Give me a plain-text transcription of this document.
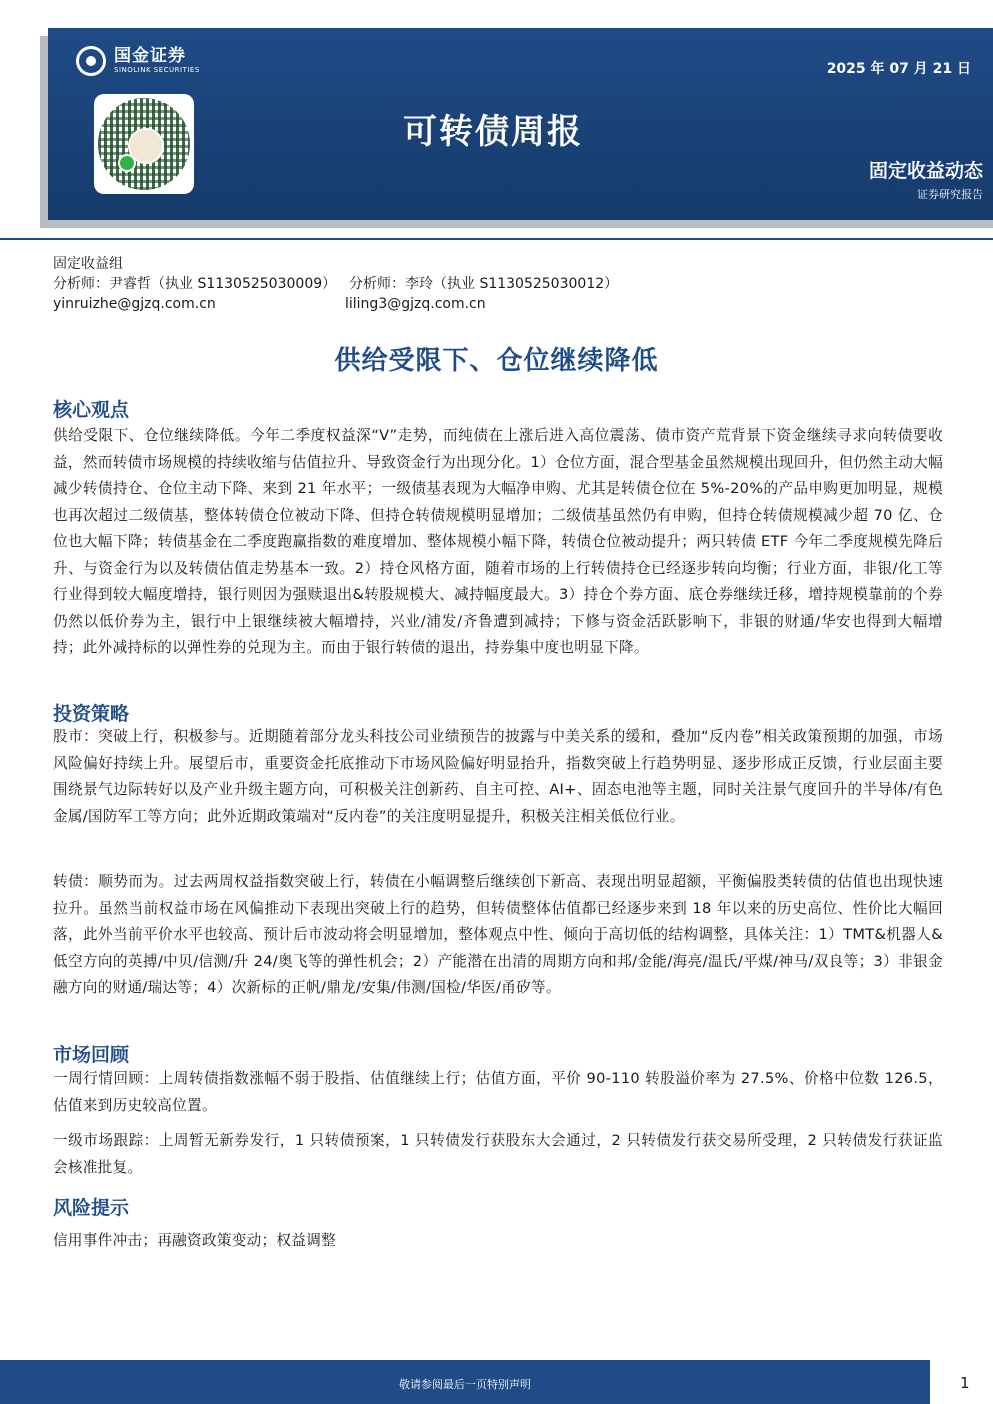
国金证券
SINOLINK SECURITIES
可转债周报
2025 年 07 月 21 日
固定收益动态
证券研究报告
固定收益组
分析师：尹睿哲（执业 S1130525030009） 分析师：李玲（执业 S1130525030012）
yinruizhe@gjzq.com.cn	liling3@gjzq.com.cn
供给受限下、仓位继续降低
核心观点
供给受限下、仓位继续降低。今年二季度权益深“V”走势，而纯债在上涨后进入高位震荡、债市资产荒背景下资金继续寻求向转债要收益，然而转债市场规模的持续收缩与估值拉升、导致资金行为出现分化。1）仓位方面，混合型基金虽然规模出现回升，但仍然主动大幅减少转债持仓、仓位主动下降、来到 21 年水平；一级债基表现为大幅净申购、尤其是转债仓位在 5%-20%的产品申购更加明显，规模也再次超过二级债基，整体转债仓位被动下降、但持仓转债规模明显增加；二级债基虽然仍有申购，但持仓转债规模减少超 70 亿、仓位也大幅下降；转债基金在二季度跑赢指数的难度增加、整体规模小幅下降，转债仓位被动提升；两只转债 ETF 今年二季度规模先降后升、与资金行为以及转债估值走势基本一致。2）持仓风格方面，随着市场的上行转债持仓已经逐步转向均衡；行业方面，非银/化工等行业得到较大幅度增持，银行则因为强赎退出&转股规模大、减持幅度最大。3）持仓个券方面、底仓券继续迁移，增持规模靠前的个券仍然以低价券为主，银行中上银继续被大幅增持，兴业/浦发/齐鲁遭到减持；下修与资金活跃影响下，非银的财通/华安也得到大幅增持；此外减持标的以弹性券的兑现为主。而由于银行转债的退出，持券集中度也明显下降。
投资策略
股市：突破上行，积极参与。近期随着部分龙头科技公司业绩预告的披露与中美关系的缓和，叠加“反内卷”相关政策预期的加强，市场风险偏好持续上升。展望后市，重要资金托底推动下市场风险偏好明显抬升，指数突破上行趋势明显、逐步形成正反馈，行业层面主要围绕景气边际转好以及产业升级主题方向，可积极关注创新药、自主可控、AI+、固态电池等主题，同时关注景气度回升的半导体/有色金属/国防军工等方向；此外近期政策端对“反内卷”的关注度明显提升，积极关注相关低位行业。
转债：顺势而为。过去两周权益指数突破上行，转债在小幅调整后继续创下新高、表现出明显超额，平衡偏股类转债的估值也出现快速拉升。虽然当前权益市场在风偏推动下表现出突破上行的趋势，但转债整体估值都已经逐步来到 18 年以来的历史高位、性价比大幅回落，此外当前平价水平也较高、预计后市波动将会明显增加，整体观点中性、倾向于高切低的结构调整，具体关注：1）TMT&机器人&低空方向的英搏/中贝/信测/升 24/奥飞等的弹性机会；2）产能潜在出清的周期方向和邦/金能/海亮/温氏/平煤/神马/双良等；3）非银金融方向的财通/瑞达等；4）次新标的正帆/鼎龙/安集/伟测/国检/华医/甬矽等。
市场回顾
一周行情回顾：上周转债指数涨幅不弱于股指、估值继续上行；估值方面，平价 90-110 转股溢价率为 27.5%、价格中位数 126.5，估值来到历史较高位置。
一级市场跟踪：上周暂无新券发行，1 只转债预案，1 只转债发行获股东大会通过，2 只转债发行获交易所受理，2 只转债发行获证监会核准批复。
风险提示
信用事件冲击；再融资政策变动；权益调整
敬请参阅最后一页特别声明	1
